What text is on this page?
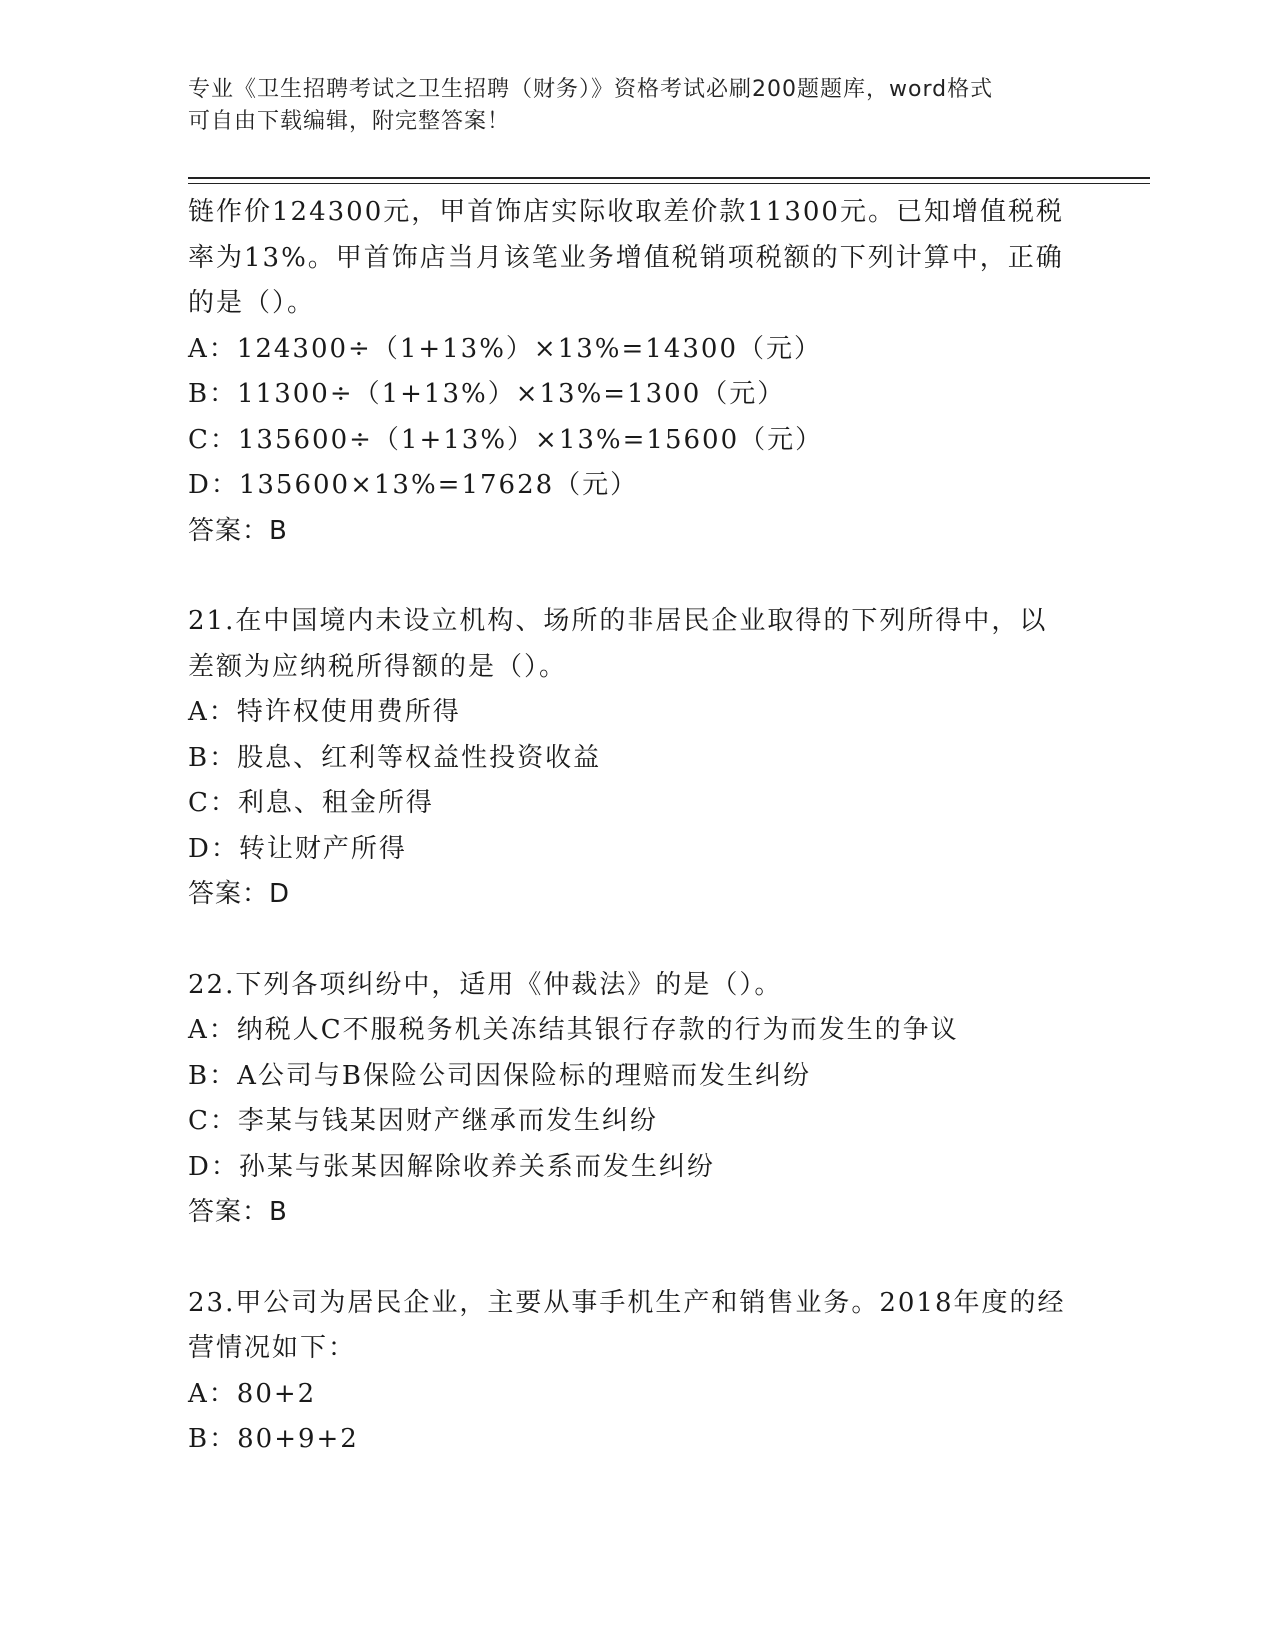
专业《卫生招聘考试之卫生招聘（财务）》资格考试必刷200题题库，word格式
可自由下载编辑，附完整答案！
链作价124300元，甲首饰店实际收取差价款11300元。已知增值税税
率为13%。甲首饰店当月该笔业务增值税销项税额的下列计算中，正确
的是（）。
A：124300÷（1+13%）×13%=14300（元）
B：11300÷（1+13%）×13%=1300（元）
C：135600÷（1+13%）×13%=15600（元）
D：135600×13%=17628（元）
答案：B
21.在中国境内未设立机构、场所的非居民企业取得的下列所得中，以
差额为应纳税所得额的是（）。
A：特许权使用费所得
B：股息、红利等权益性投资收益
C：利息、租金所得
D：转让财产所得
答案：D
22.下列各项纠纷中，适用《仲裁法》的是（）。
A：纳税人C不服税务机关冻结其银行存款的行为而发生的争议
B：A公司与B保险公司因保险标的理赔而发生纠纷
C：李某与钱某因财产继承而发生纠纷
D：孙某与张某因解除收养关系而发生纠纷
答案：B
23.甲公司为居民企业，主要从事手机生产和销售业务。2018年度的经
营情况如下：
A：80+2
B：80+9+2
